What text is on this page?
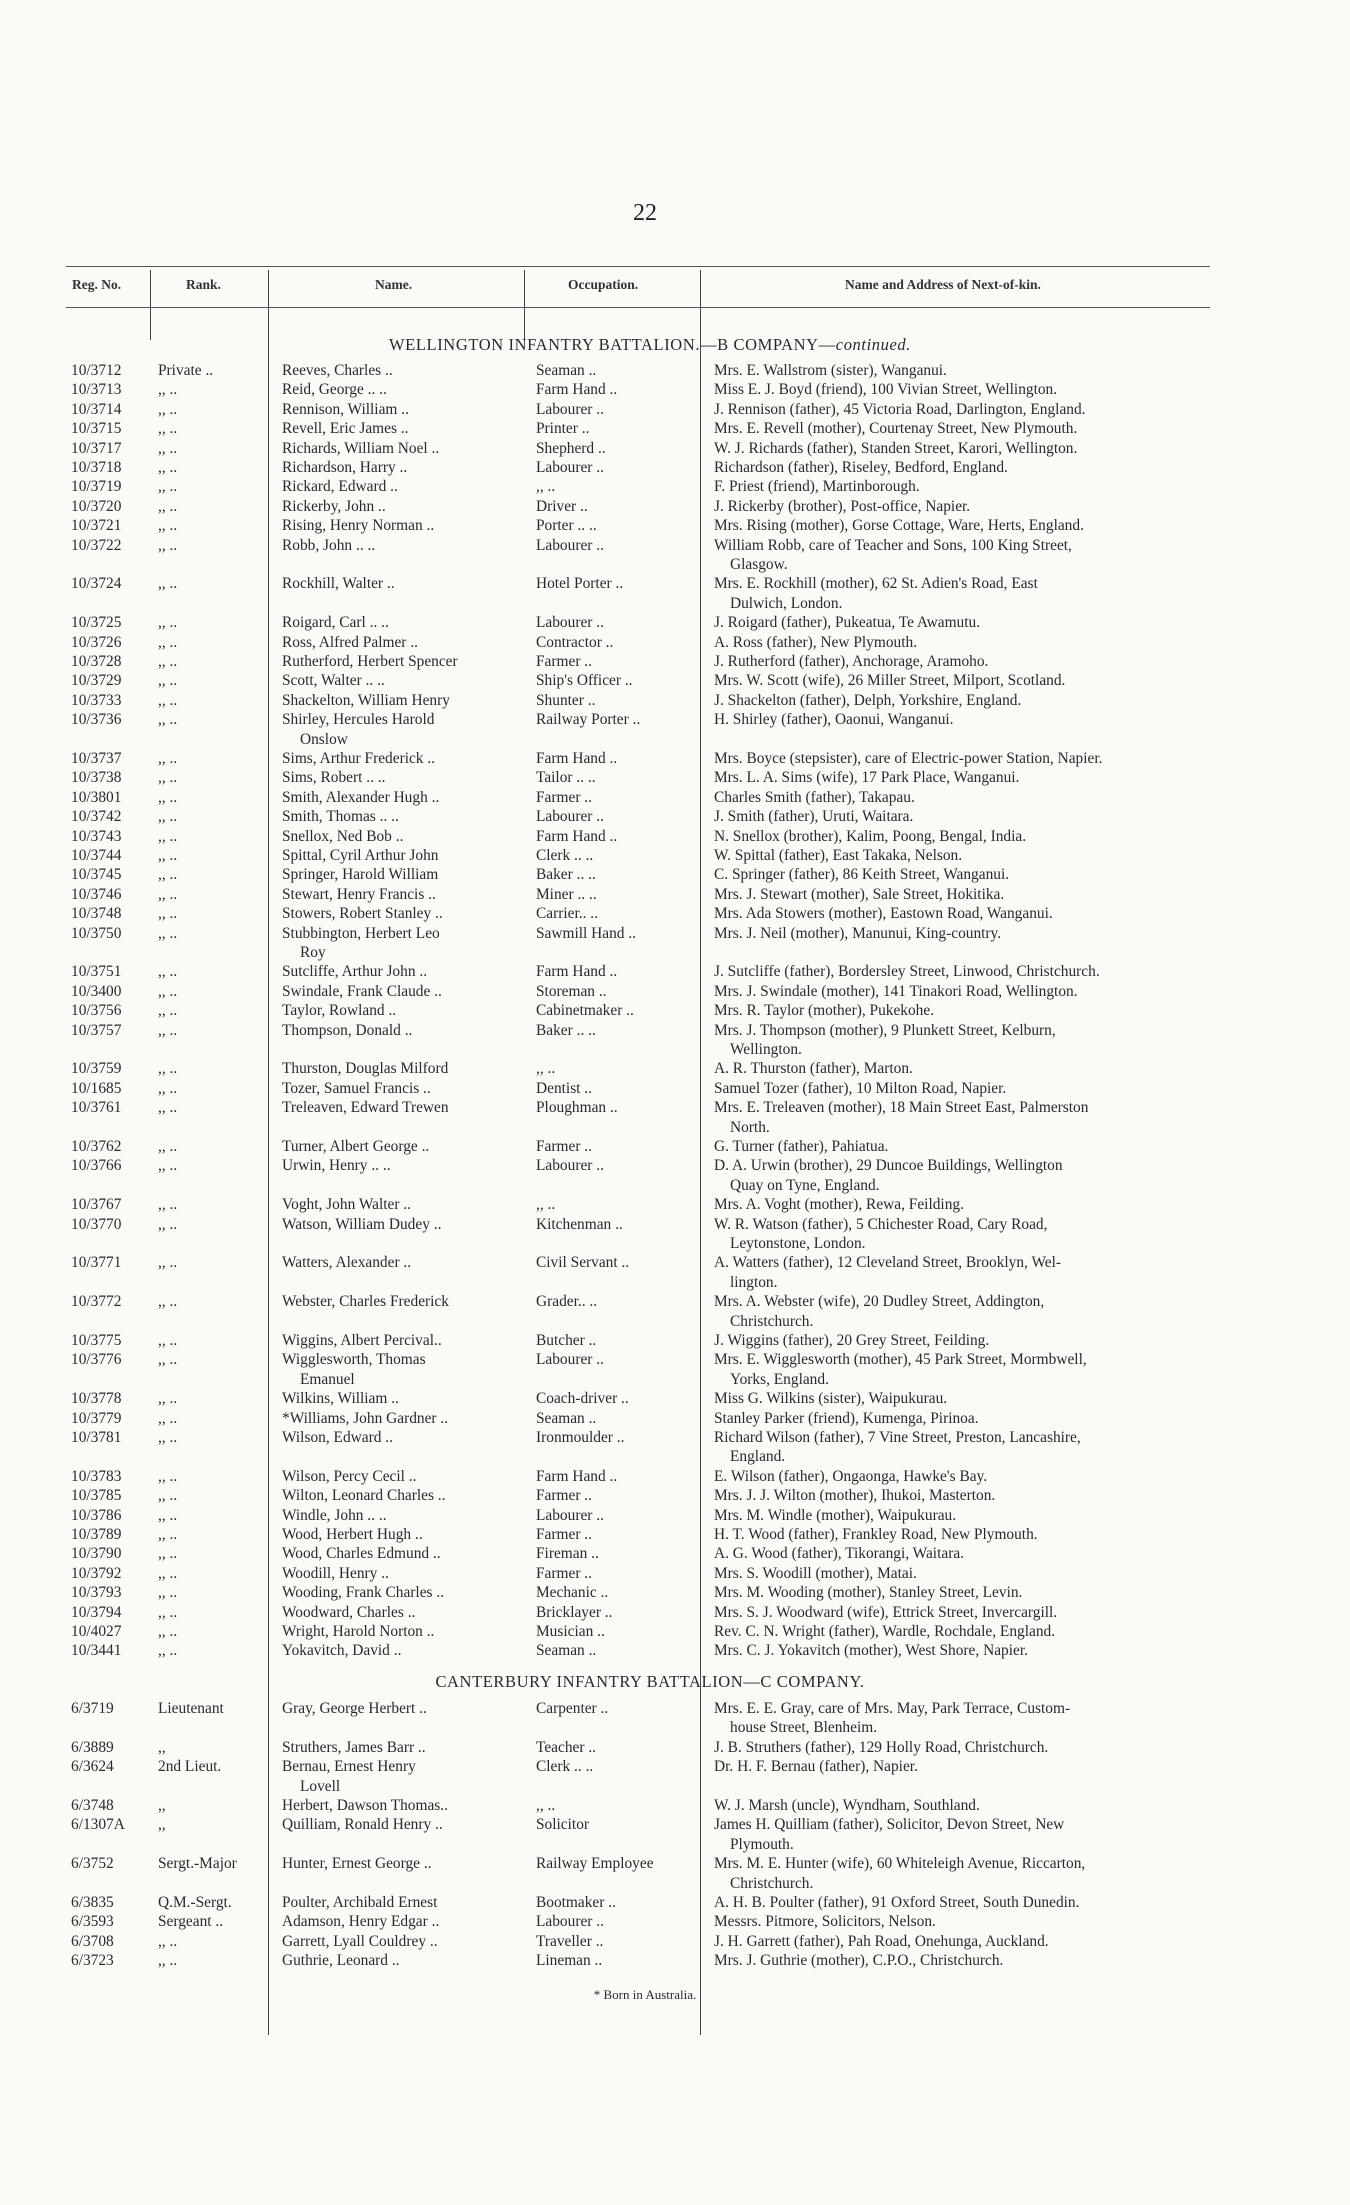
22
Reg. No.	Rank.	Name.	Occupation.	Name and Address of Next-of-kin.
WELLINGTON INFANTRY BATTALION.—B COMPANY—continued.
CANTERBURY INFANTRY BATTALION—C COMPANY.
10/3712	Private ..	Reeves, Charles ..	Seaman ..	Mrs. E. Wallstrom (sister), Wanganui.
10/3713	,, ..	Reid, George .. ..	Farm Hand ..	Miss E. J. Boyd (friend), 100 Vivian Street, Wellington.
10/3714	,, ..	Rennison, William ..	Labourer ..	J. Rennison (father), 45 Victoria Road, Darlington, England.
10/3715	,, ..	Revell, Eric James ..	Printer ..	Mrs. E. Revell (mother), Courtenay Street, New Plymouth.
10/3717	,, ..	Richards, William Noel ..	Shepherd ..	W. J. Richards (father), Standen Street, Karori, Wellington.
10/3718	,, ..	Richardson, Harry ..	Labourer ..	Richardson (father), Riseley, Bedford, England.
10/3719	,, ..	Rickard, Edward ..	,, ..	F. Priest (friend), Martinborough.
10/3720	,, ..	Rickerby, John ..	Driver ..	J. Rickerby (brother), Post-office, Napier.
10/3721	,, ..	Rising, Henry Norman ..	Porter .. ..	Mrs. Rising (mother), Gorse Cottage, Ware, Herts, England.
10/3722	,, ..	Robb, John .. ..	Labourer ..	William Robb, care of Teacher and Sons, 100 King Street,
Glasgow.
10/3724	,, ..	Rockhill, Walter ..	Hotel Porter ..	Mrs. E. Rockhill (mother), 62 St. Adien's Road, East
Dulwich, London.
10/3725	,, ..	Roigard, Carl .. ..	Labourer ..	J. Roigard (father), Pukeatua, Te Awamutu.
10/3726	,, ..	Ross, Alfred Palmer ..	Contractor ..	A. Ross (father), New Plymouth.
10/3728	,, ..	Rutherford, Herbert Spencer	Farmer ..	J. Rutherford (father), Anchorage, Aramoho.
10/3729	,, ..	Scott, Walter .. ..	Ship's Officer ..	Mrs. W. Scott (wife), 26 Miller Street, Milport, Scotland.
10/3733	,, ..	Shackelton, William Henry	Shunter ..	J. Shackelton (father), Delph, Yorkshire, England.
10/3736	,, ..	Shirley, Hercules Harold	Railway Porter ..	H. Shirley (father), Oaonui, Wanganui.
Onslow
10/3737	,, ..	Sims, Arthur Frederick ..	Farm Hand ..	Mrs. Boyce (stepsister), care of Electric-power Station, Napier.
10/3738	,, ..	Sims, Robert .. ..	Tailor .. ..	Mrs. L. A. Sims (wife), 17 Park Place, Wanganui.
10/3801	,, ..	Smith, Alexander Hugh ..	Farmer ..	Charles Smith (father), Takapau.
10/3742	,, ..	Smith, Thomas .. ..	Labourer ..	J. Smith (father), Uruti, Waitara.
10/3743	,, ..	Snellox, Ned Bob ..	Farm Hand ..	N. Snellox (brother), Kalim, Poong, Bengal, India.
10/3744	,, ..	Spittal, Cyril Arthur John	Clerk .. ..	W. Spittal (father), East Takaka, Nelson.
10/3745	,, ..	Springer, Harold William	Baker .. ..	C. Springer (father), 86 Keith Street, Wanganui.
10/3746	,, ..	Stewart, Henry Francis ..	Miner .. ..	Mrs. J. Stewart (mother), Sale Street, Hokitika.
10/3748	,, ..	Stowers, Robert Stanley ..	Carrier.. ..	Mrs. Ada Stowers (mother), Eastown Road, Wanganui.
10/3750	,, ..	Stubbington, Herbert Leo	Sawmill Hand ..	Mrs. J. Neil (mother), Manunui, King-country.
Roy
10/3751	,, ..	Sutcliffe, Arthur John ..	Farm Hand ..	J. Sutcliffe (father), Bordersley Street, Linwood, Christchurch.
10/3400	,, ..	Swindale, Frank Claude ..	Storeman ..	Mrs. J. Swindale (mother), 141 Tinakori Road, Wellington.
10/3756	,, ..	Taylor, Rowland ..	Cabinetmaker ..	Mrs. R. Taylor (mother), Pukekohe.
10/3757	,, ..	Thompson, Donald ..	Baker .. ..	Mrs. J. Thompson (mother), 9 Plunkett Street, Kelburn,
Wellington.
10/3759	,, ..	Thurston, Douglas Milford	,, ..	A. R. Thurston (father), Marton.
10/1685	,, ..	Tozer, Samuel Francis ..	Dentist ..	Samuel Tozer (father), 10 Milton Road, Napier.
10/3761	,, ..	Treleaven, Edward Trewen	Ploughman ..	Mrs. E. Treleaven (mother), 18 Main Street East, Palmerston
North.
10/3762	,, ..	Turner, Albert George ..	Farmer ..	G. Turner (father), Pahiatua.
10/3766	,, ..	Urwin, Henry .. ..	Labourer ..	D. A. Urwin (brother), 29 Duncoe Buildings, Wellington
Quay on Tyne, England.
10/3767	,, ..	Voght, John Walter ..	,, ..	Mrs. A. Voght (mother), Rewa, Feilding.
10/3770	,, ..	Watson, William Dudey ..	Kitchenman ..	W. R. Watson (father), 5 Chichester Road, Cary Road,
Leytonstone, London.
10/3771	,, ..	Watters, Alexander ..	Civil Servant ..	A. Watters (father), 12 Cleveland Street, Brooklyn, Wel-
lington.
10/3772	,, ..	Webster, Charles Frederick	Grader.. ..	Mrs. A. Webster (wife), 20 Dudley Street, Addington,
Christchurch.
10/3775	,, ..	Wiggins, Albert Percival..	Butcher ..	J. Wiggins (father), 20 Grey Street, Feilding.
10/3776	,, ..	Wigglesworth, Thomas	Labourer ..	Mrs. E. Wigglesworth (mother), 45 Park Street, Mormbwell,
Emanuel	Yorks, England.
10/3778	,, ..	Wilkins, William ..	Coach-driver ..	Miss G. Wilkins (sister), Waipukurau.
10/3779	,, ..	*Williams, John Gardner ..	Seaman ..	Stanley Parker (friend), Kumenga, Pirinoa.
10/3781	,, ..	Wilson, Edward ..	Ironmoulder ..	Richard Wilson (father), 7 Vine Street, Preston, Lancashire,
England.
10/3783	,, ..	Wilson, Percy Cecil ..	Farm Hand ..	E. Wilson (father), Ongaonga, Hawke's Bay.
10/3785	,, ..	Wilton, Leonard Charles ..	Farmer ..	Mrs. J. J. Wilton (mother), Ihukoi, Masterton.
10/3786	,, ..	Windle, John .. ..	Labourer ..	Mrs. M. Windle (mother), Waipukurau.
10/3789	,, ..	Wood, Herbert Hugh ..	Farmer ..	H. T. Wood (father), Frankley Road, New Plymouth.
10/3790	,, ..	Wood, Charles Edmund ..	Fireman ..	A. G. Wood (father), Tikorangi, Waitara.
10/3792	,, ..	Woodill, Henry ..	Farmer ..	Mrs. S. Woodill (mother), Matai.
10/3793	,, ..	Wooding, Frank Charles ..	Mechanic ..	Mrs. M. Wooding (mother), Stanley Street, Levin.
10/3794	,, ..	Woodward, Charles ..	Bricklayer ..	Mrs. S. J. Woodward (wife), Ettrick Street, Invercargill.
10/4027	,, ..	Wright, Harold Norton ..	Musician ..	Rev. C. N. Wright (father), Wardle, Rochdale, England.
10/3441	,, ..	Yokavitch, David ..	Seaman ..	Mrs. C. J. Yokavitch (mother), West Shore, Napier.
6/3719	Lieutenant	Gray, George Herbert ..	Carpenter ..	Mrs. E. E. Gray, care of Mrs. May, Park Terrace, Custom-
house Street, Blenheim.
6/3889	,,	Struthers, James Barr ..	Teacher ..	J. B. Struthers (father), 129 Holly Road, Christchurch.
6/3624	2nd Lieut.	Bernau, Ernest Henry	Clerk .. ..	Dr. H. F. Bernau (father), Napier.
Lovell
6/3748	,,	Herbert, Dawson Thomas..	,, ..	W. J. Marsh (uncle), Wyndham, Southland.
6/1307A	,,	Quilliam, Ronald Henry ..	Solicitor	James H. Quilliam (father), Solicitor, Devon Street, New
Plymouth.
6/3752	Sergt.-Major	Hunter, Ernest George ..	Railway Employee	Mrs. M. E. Hunter (wife), 60 Whiteleigh Avenue, Riccarton,
Christchurch.
6/3835	Q.M.-Sergt.	Poulter, Archibald Ernest	Bootmaker ..	A. H. B. Poulter (father), 91 Oxford Street, South Dunedin.
6/3593	Sergeant ..	Adamson, Henry Edgar ..	Labourer ..	Messrs. Pitmore, Solicitors, Nelson.
6/3708	,, ..	Garrett, Lyall Couldrey ..	Traveller ..	J. H. Garrett (father), Pah Road, Onehunga, Auckland.
6/3723	,, ..	Guthrie, Leonard ..	Lineman ..	Mrs. J. Guthrie (mother), C.P.O., Christchurch.
* Born in Australia.
